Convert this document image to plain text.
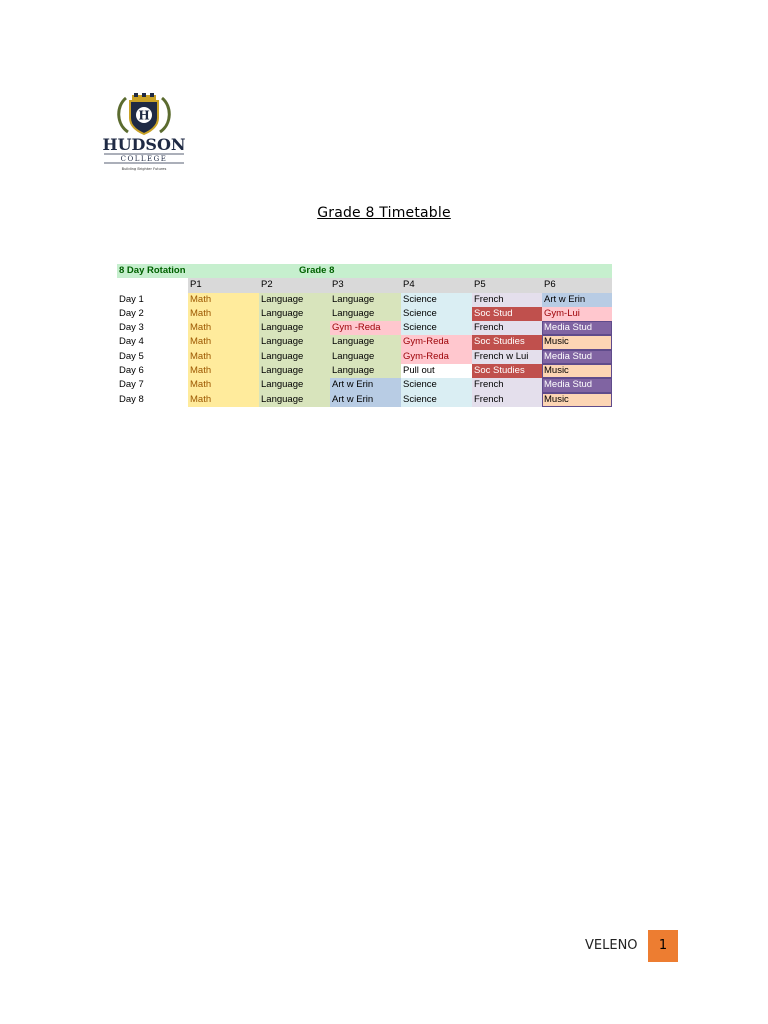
H
HUDSON
COLLEGE
Building Brighter Futures
Grade 8 Timetable
8 Day Rotation	Grade 8
P1	P2	P3	P4	P5	P6
Day 1	Math	Language	Language	Science	French	Art w Erin
Day 2	Math	Language	Language	Science	Soc Stud	Gym-Lui
Day 3	Math	Language	Gym -Reda	Science	French	Media Stud
Day 4	Math	Language	Language	Gym-Reda	Soc Studies	Music
Day 5	Math	Language	Language	Gym-Reda	French w Lui	Media Stud
Day 6	Math	Language	Language	Pull out	Soc Studies	Music
Day 7	Math	Language	Art w Erin	Science	French	Media Stud
Day 8	Math	Language	Art w Erin	Science	French	Music
VELENO	1
